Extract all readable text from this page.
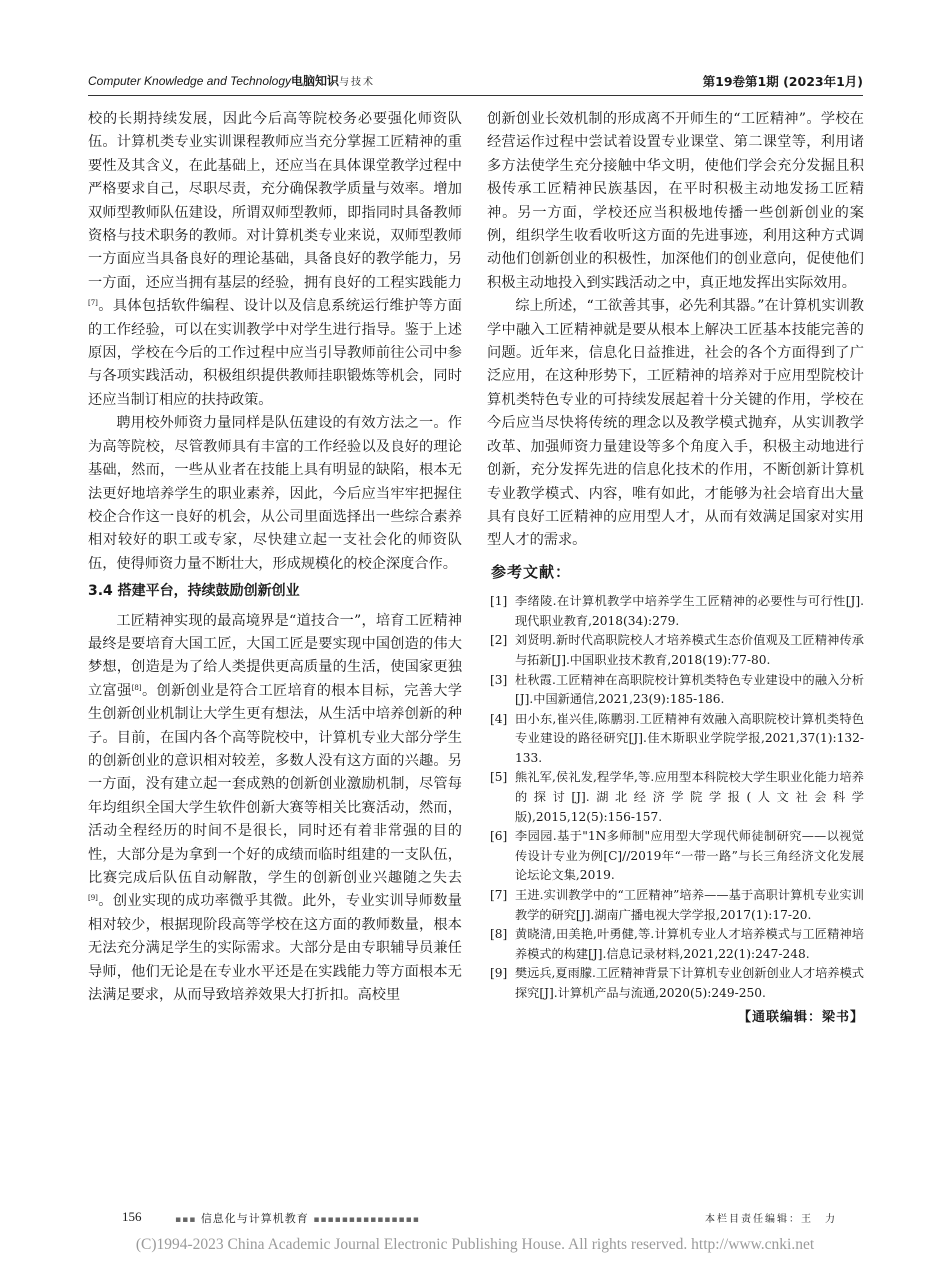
Computer Knowledge and Technology电脑知识与技术	第19卷第1期 (2023年1月)

校的长期持续发展，因此今后高等院校务必要强化师资队伍。计算机类专业实训课程教师应当充分掌握工匠精神的重要性及其含义，在此基础上，还应当在具体课堂教学过程中严格要求自己，尽职尽责，充分确保教学质量与效率。增加双师型教师队伍建设，所谓双师型教师，即指同时具备教师资格与技术职务的教师。对计算机类专业来说，双师型教师一方面应当具备良好的理论基础，具备良好的教学能力，另一方面，还应当拥有基层的经验，拥有良好的工程实践能力[7]。具体包括软件编程、设计以及信息系统运行维护等方面的工作经验，可以在实训教学中对学生进行指导。鉴于上述原因，学校在今后的工作过程中应当引导教师前往公司中参与各项实践活动，积极组织提供教师挂职锻炼等机会，同时还应当制订相应的扶持政策。

聘用校外师资力量同样是队伍建设的有效方法之一。作为高等院校，尽管教师具有丰富的工作经验以及良好的理论基础，然而，一些从业者在技能上具有明显的缺陷，根本无法更好地培养学生的职业素养，因此，今后应当牢牢把握住校企合作这一良好的机会，从公司里面选择出一些综合素养相对较好的职工或专家，尽快建立起一支社会化的师资队伍，使得师资力量不断壮大，形成规模化的校企深度合作。

3.4 搭建平台，持续鼓励创新创业

工匠精神实现的最高境界是“道技合一”，培育工匠精神最终是要培育大国工匠，大国工匠是要实现中国创造的伟大梦想，创造是为了给人类提供更高质量的生活，使国家更独立富强[8]。创新创业是符合工匠培育的根本目标，完善大学生创新创业机制让大学生更有想法，从生活中培养创新的种子。目前，在国内各个高等院校中，计算机专业大部分学生的创新创业的意识相对较差，多数人没有这方面的兴趣。另一方面，没有建立起一套成熟的创新创业激励机制，尽管每年均组织全国大学生软件创新大赛等相关比赛活动，然而，活动全程经历的时间不是很长，同时还有着非常强的目的性，大部分是为拿到一个好的成绩而临时组建的一支队伍，比赛完成后队伍自动解散，学生的创新创业兴趣随之失去[9]。创业实现的成功率微乎其微。此外，专业实训导师数量相对较少，根据现阶段高等学校在这方面的教师数量，根本无法充分满足学生的实际需求。大部分是由专职辅导员兼任导师，他们无论是在专业水平还是在实践能力等方面根本无法满足要求，从而导致培养效果大打折扣。高校里

创新创业长效机制的形成离不开师生的“工匠精神”。学校在经营运作过程中尝试着设置专业课堂、第二课堂等，利用诸多方法使学生充分接触中华文明，使他们学会充分发掘且积极传承工匠精神民族基因，在平时积极主动地发扬工匠精神。另一方面，学校还应当积极地传播一些创新创业的案例，组织学生收看收听这方面的先进事迹，利用这种方式调动他们创新创业的积极性，加深他们的创业意向，促使他们积极主动地投入到实践活动之中，真正地发挥出实际效用。

综上所述，“工欲善其事，必先利其器。”在计算机实训教学中融入工匠精神就是要从根本上解决工匠基本技能完善的问题。近年来，信息化日益推进，社会的各个方面得到了广泛应用，在这种形势下，工匠精神的培养对于应用型院校计算机类特色专业的可持续发展起着十分关键的作用，学校在今后应当尽快将传统的理念以及教学模式抛弃，从实训教学改革、加强师资力量建设等多个角度入手，积极主动地进行创新，充分发挥先进的信息化技术的作用，不断创新计算机专业教学模式、内容，唯有如此，才能够为社会培育出大量具有良好工匠精神的应用型人才，从而有效满足国家对实用型人才的需求。

参考文献：
[1] 李绪陵.在计算机教学中培养学生工匠精神的必要性与可行性[J].现代职业教育,2018(34):279.
[2] 刘贤明.新时代高职院校人才培养模式生态价值观及工匠精神传承与拓新[J].中国职业技术教育,2018(19):77-80.
[3] 杜秋霞.工匠精神在高职院校计算机类特色专业建设中的融入分析[J].中国新通信,2021,23(9):185-186.
[4] 田小东,崔兴佳,陈鹏羽.工匠精神有效融入高职院校计算机类特色专业建设的路径研究[J].佳木斯职业学院学报,2021,37(1):132-133.
[5] 熊礼军,侯礼发,程学华,等.应用型本科院校大学生职业化能力培养的探讨[J].湖北经济学院学报(人文社会科学版),2015,12(5):156-157.
[6] 李园园.基于"1N多师制"应用型大学现代师徒制研究——以视觉传设计专业为例[C]//2019年“一带一路”与长三角经济文化发展论坛论文集,2019.
[7] 王进.实训教学中的“工匠精神”培养——基于高职计算机专业实训教学的研究[J].湖南广播电视大学学报,2017(1):17-20.
[8] 黄晓清,田美艳,叶勇健,等.计算机专业人才培养模式与工匠精神培养模式的构建[J].信息记录材料,2021,22(1):247-248.
[9] 樊远兵,夏雨朦.工匠精神背景下计算机专业创新创业人才培养模式探究[J].计算机产品与流通,2020(5):249-250.
【通联编辑：梁书】
156	▪▪▪ 信息化与计算机教育 ▪▪▪▪▪▪▪▪▪▪▪▪▪▪▪	本栏目责任编辑：王　力
(C)1994-2023 China Academic Journal Electronic Publishing House. All rights reserved. http://www.cnki.net
